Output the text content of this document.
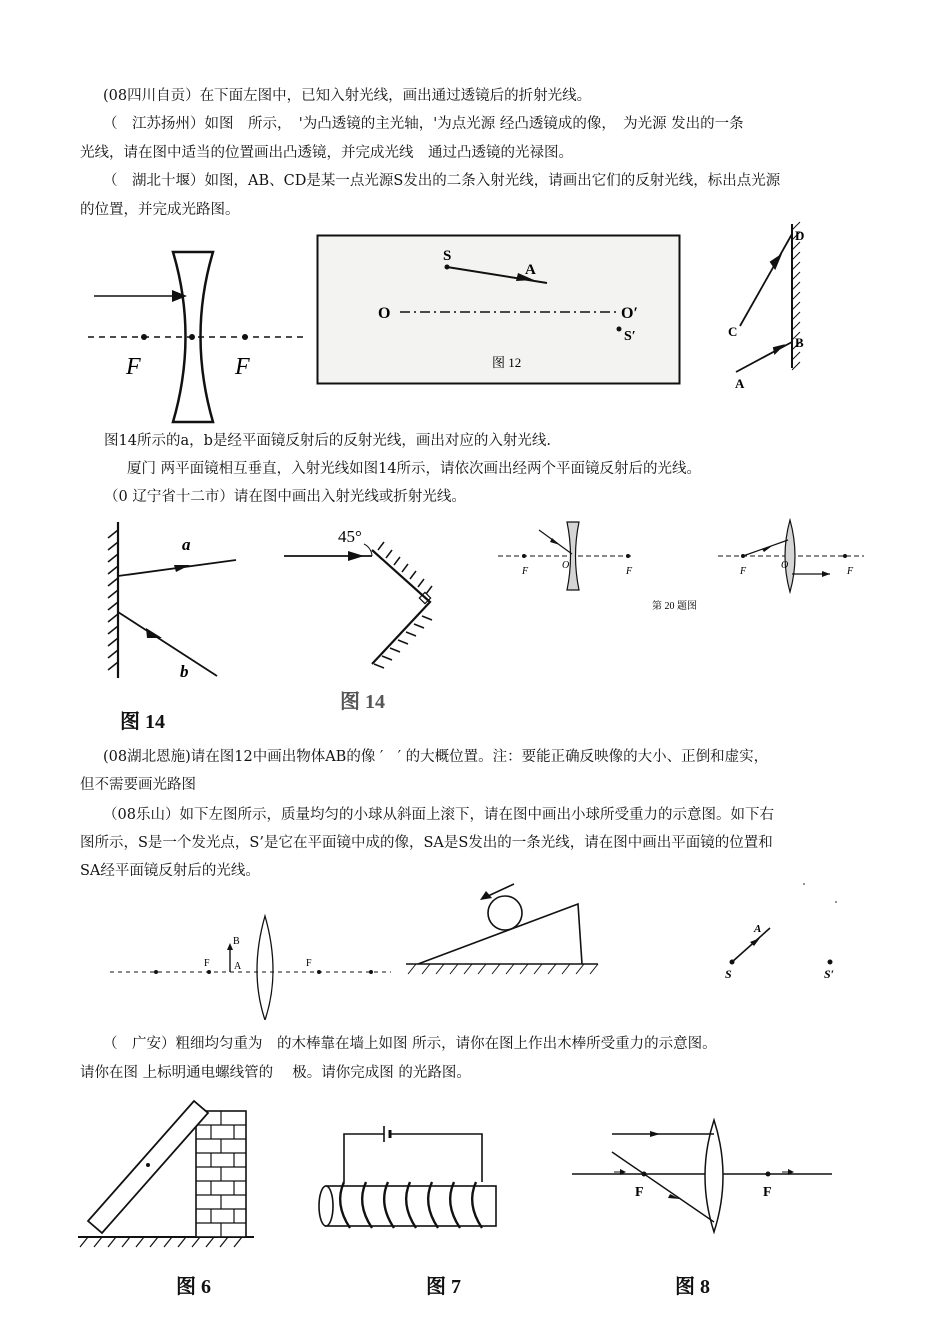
(08四川自贡）在下面左图中，已知入射光线，画出通过透镜后的折射光线。
（　江苏扬州）如图　所示，　'为凸透镜的主光轴，'为点光源 经凸透镜成的像，　为光源 发出的一条
光线，请在图中适当的位置画出凸透镜，并完成光线　通过凸透镜的光禄图。
（　湖北十堰）如图，AB、CD是某一点光源S发出的二条入射光线，请画出它们的反射光线，标出点光源
的位置，并完成光路图。
图14所示的a，b是经平面镜反射后的反射光线，画出对应的入射光线.
厦门 两平面镜相互垂直，入射光线如图14所示，请依次画出经两个平面镜反射后的光线。
（0 辽宁省十二市）请在图中画出入射光线或折射光线。
(08湖北恩施)请在图12中画出物体AB的像 ′　′ 的大概位置。注：要能正确反映像的大小、正倒和虚实，
但不需要画光路图
（08乐山）如下左图所示，质量均匀的小球从斜面上滚下，请在图中画出小球所受重力的示意图。如下右
图所示，S是一个发光点，S’是它在平面镜中成的像，SA是S发出的一条光线，请在图中画出平面镜的位置和
SA经平面镜反射后的光线。
（　广安）粗细均匀重为　的木棒靠在墙上如图 所示，请你在图上作出木棒所受重力的示意图。
请你在图 上标明通电螺线管的　 极。请你完成图 的光路图。
F	F
S
A
O	O′
S′
图 12
D
C
B
A
a
b
图 14
45°
图 14
F	F
O
F	F
O
第 20 题图
F	F
A
B
S
A
S′
图 6	图 7
F	F
图 8
